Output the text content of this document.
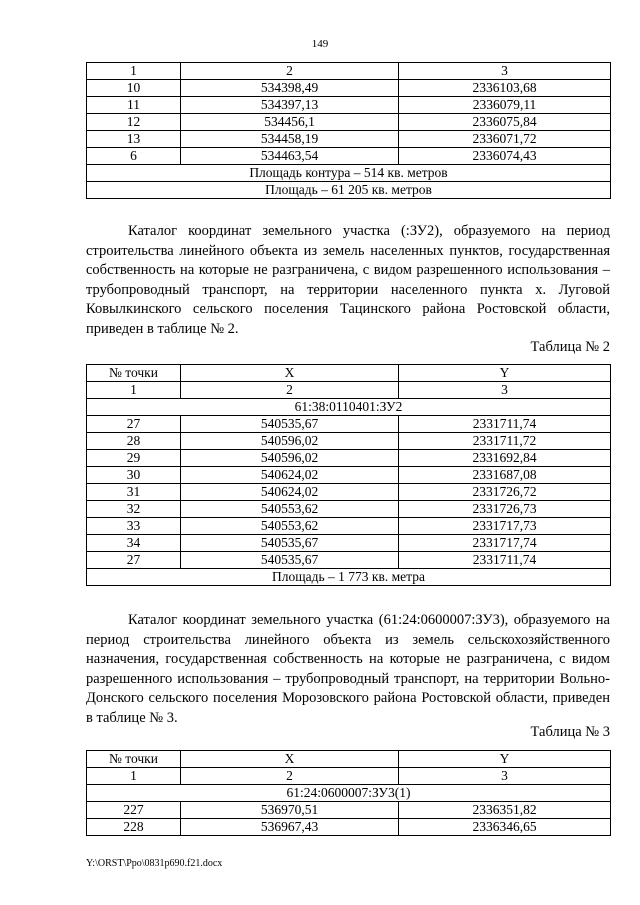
149
1	2	3
10	534398,49	2336103,68
11	534397,13	2336079,11
12	534456,1	2336075,84
13	534458,19	2336071,72
6	534463,54	2336074,43
Площадь контура – 514 кв. метров		
Площадь – 61 205 кв. метров		

Каталог координат земельного участка (:ЗУ2), образуемого на период строительства линейного объекта из земель населенных пунктов, государственная собственность на которые не разграничена, с видом разрешенного использования – трубопроводный транспорт, на территории населенного пункта х. Луговой Ковылкинского сельского поселения Тацинского района Ростовской области, приведен в таблице № 2.

Таблица № 2
№ точки	X	Y
1	2	3
61:38:0110401:ЗУ2		
27	540535,67	2331711,74
28	540596,02	2331711,72
29	540596,02	2331692,84
30	540624,02	2331687,08
31	540624,02	2331726,72
32	540553,62	2331726,73
33	540553,62	2331717,73
34	540535,67	2331717,74
27	540535,67	2331711,74
Площадь – 1 773 кв. метра		

Каталог координат земельного участка (61:24:0600007:ЗУ3), образуемого на период строительства линейного объекта из земель сельскохозяйственного назначения, государственная собственность на которые не разграничена, с видом разрешенного использования – трубопроводный транспорт, на территории Вольно-Донского сельского поселения Морозовского района Ростовской области, приведен в таблице № 3.

Таблица № 3
№ точки	X	Y
1	2	3
61:24:0600007:ЗУ3(1)		
227	536970,51	2336351,82
228	536967,43	2336346,65
Y:\ORST\Ppo\0831p690.f21.docx
